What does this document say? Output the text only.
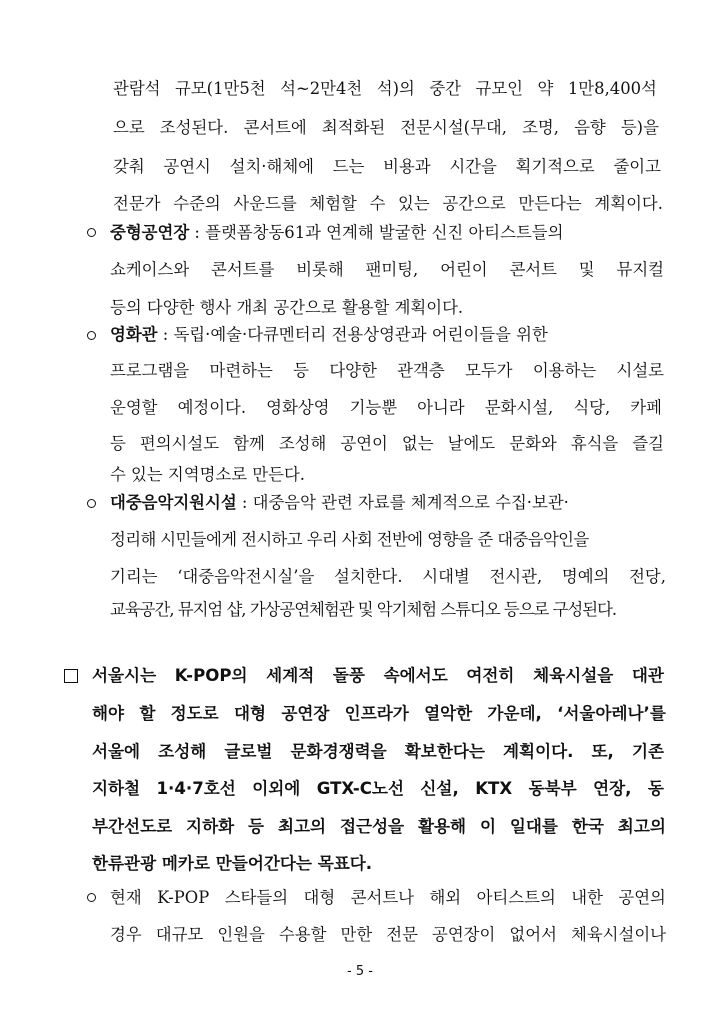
관람석 규모(1만5천 석~2만4천 석)의 중간 규모인 약 1만8,400석
으로 조성된다. 콘서트에 최적화된 전문시설(무대, 조명, 음향 등)을
갖춰 공연시 설치·해체에 드는 비용과 시간을 획기적으로 줄이고
전문가 수준의 사운드를 체험할 수 있는 공간으로 만든다는 계획이다.
중형공연장 : 플랫폼창동61과 연계해 발굴한 신진 아티스트들의
쇼케이스와 콘서트를 비롯해 팬미팅, 어린이 콘서트 및 뮤지컬
등의 다양한 행사 개최 공간으로 활용할 계획이다.
영화관 : 독립·예술·다큐멘터리 전용상영관과 어린이들을 위한
프로그램을 마련하는 등 다양한 관객층 모두가 이용하는 시설로
운영할 예정이다. 영화상영 기능뿐 아니라 문화시설, 식당, 카페
등 편의시설도 함께 조성해 공연이 없는 날에도 문화와 휴식을 즐길
수 있는 지역명소로 만든다.
대중음악지원시설 : 대중음악 관련 자료를 체계적으로 수집·보관·
정리해 시민들에게 전시하고 우리 사회 전반에 영향을 준 대중음악인을
기리는 ‘대중음악전시실’을 설치한다. 시대별 전시관, 명예의 전당,
교육공간, 뮤지엄 샵, 가상공연체험관 및 악기체험 스튜디오 등으로 구성된다.
서울시는 K-POP의 세계적 돌풍 속에서도 여전히 체육시설을 대관
해야 할 정도로 대형 공연장 인프라가 열악한 가운데, ‘서울아레나’를
서울에 조성해 글로벌 문화경쟁력을 확보한다는 계획이다. 또, 기존
지하철 1·4·7호선 이외에 GTX-C노선 신설, KTX 동북부 연장, 동
부간선도로 지하화 등 최고의 접근성을 활용해 이 일대를 한국 최고의
한류관광 메카로 만들어간다는 목표다.
현재 K-POP 스타들의 대형 콘서트나 해외 아티스트의 내한 공연의
경우 대규모 인원을 수용할 만한 전문 공연장이 없어서 체육시설이나
- 5 -
